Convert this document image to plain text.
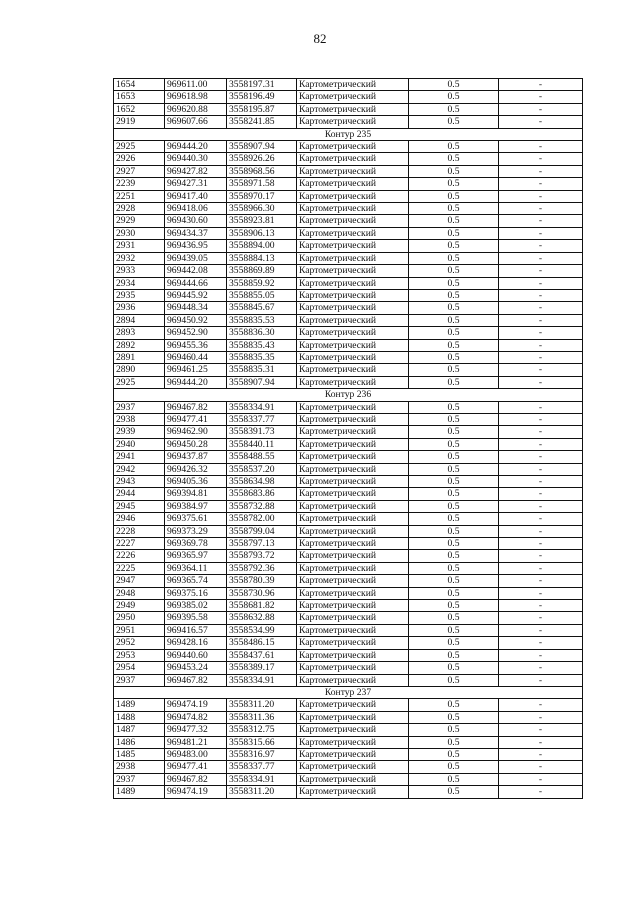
82
1654	969611.00	3558197.31	Картометрический	0.5	-
1653	969618.98	3558196.49	Картометрический	0.5	-
1652	969620.88	3558195.87	Картометрический	0.5	-
2919	969607.66	3558241.85	Картометрический	0.5	-
Контур 235					
2925	969444.20	3558907.94	Картометрический	0.5	-
2926	969440.30	3558926.26	Картометрический	0.5	-
2927	969427.82	3558968.56	Картометрический	0.5	-
2239	969427.31	3558971.58	Картометрический	0.5	-
2251	969417.40	3558970.17	Картометрический	0.5	-
2928	969418.06	3558966.30	Картометрический	0.5	-
2929	969430.60	3558923.81	Картометрический	0.5	-
2930	969434.37	3558906.13	Картометрический	0.5	-
2931	969436.95	3558894.00	Картометрический	0.5	-
2932	969439.05	3558884.13	Картометрический	0.5	-
2933	969442.08	3558869.89	Картометрический	0.5	-
2934	969444.66	3558859.92	Картометрический	0.5	-
2935	969445.92	3558855.05	Картометрический	0.5	-
2936	969448.34	3558845.67	Картометрический	0.5	-
2894	969450.92	3558835.53	Картометрический	0.5	-
2893	969452.90	3558836.30	Картометрический	0.5	-
2892	969455.36	3558835.43	Картометрический	0.5	-
2891	969460.44	3558835.35	Картометрический	0.5	-
2890	969461.25	3558835.31	Картометрический	0.5	-
2925	969444.20	3558907.94	Картометрический	0.5	-
Контур 236					
2937	969467.82	3558334.91	Картометрический	0.5	-
2938	969477.41	3558337.77	Картометрический	0.5	-
2939	969462.90	3558391.73	Картометрический	0.5	-
2940	969450.28	3558440.11	Картометрический	0.5	-
2941	969437.87	3558488.55	Картометрический	0.5	-
2942	969426.32	3558537.20	Картометрический	0.5	-
2943	969405.36	3558634.98	Картометрический	0.5	-
2944	969394.81	3558683.86	Картометрический	0.5	-
2945	969384.97	3558732.88	Картометрический	0.5	-
2946	969375.61	3558782.00	Картометрический	0.5	-
2228	969373.29	3558799.04	Картометрический	0.5	-
2227	969369.78	3558797.13	Картометрический	0.5	-
2226	969365.97	3558793.72	Картометрический	0.5	-
2225	969364.11	3558792.36	Картометрический	0.5	-
2947	969365.74	3558780.39	Картометрический	0.5	-
2948	969375.16	3558730.96	Картометрический	0.5	-
2949	969385.02	3558681.82	Картометрический	0.5	-
2950	969395.58	3558632.88	Картометрический	0.5	-
2951	969416.57	3558534.99	Картометрический	0.5	-
2952	969428.16	3558486.15	Картометрический	0.5	-
2953	969440.60	3558437.61	Картометрический	0.5	-
2954	969453.24	3558389.17	Картометрический	0.5	-
2937	969467.82	3558334.91	Картометрический	0.5	-
Контур 237					
1489	969474.19	3558311.20	Картометрический	0.5	-
1488	969474.82	3558311.36	Картометрический	0.5	-
1487	969477.32	3558312.75	Картометрический	0.5	-
1486	969481.21	3558315.66	Картометрический	0.5	-
1485	969483.00	3558316.97	Картометрический	0.5	-
2938	969477.41	3558337.77	Картометрический	0.5	-
2937	969467.82	3558334.91	Картометрический	0.5	-
1489	969474.19	3558311.20	Картометрический	0.5	-
